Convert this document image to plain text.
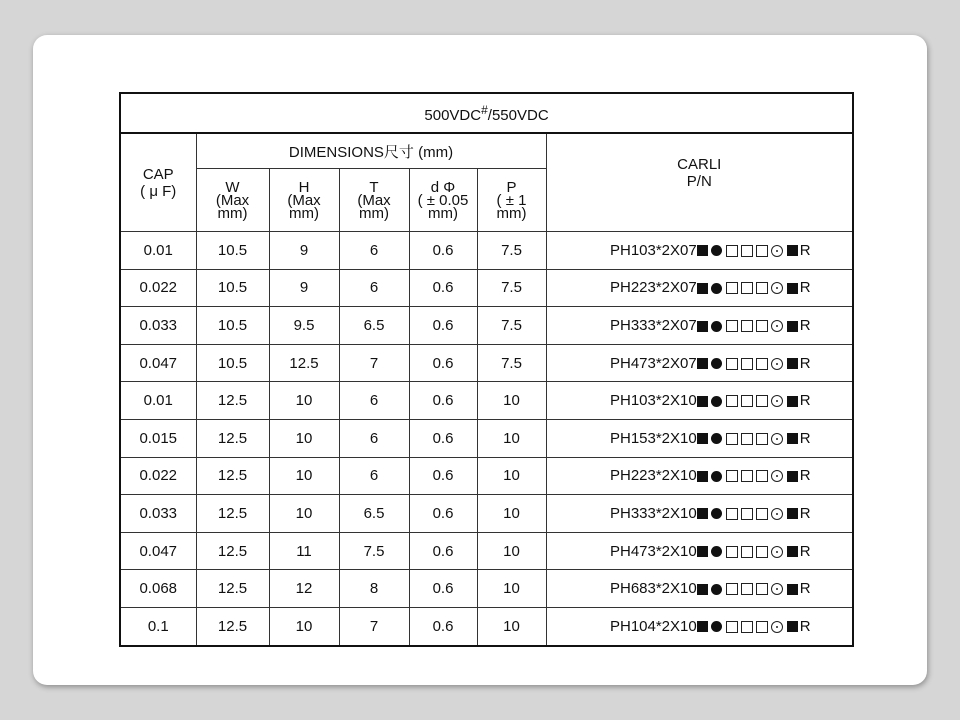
500VDC#/550VDC						

CAP
( μ F)	DIMENSIONS尺寸 (mm)					CARLI
P/N

	W
(Max
mm)	H
(Max
mm)	T
(Max
mm)	d Φ
( ± 0.05
mm)	P
( ± 1
mm)	

0.01	10.5	9	6	0.6	7.5	PH103*2X07 R
0.022	10.5	9	6	0.6	7.5	PH223*2X07 R
0.033	10.5	9.5	6.5	0.6	7.5	PH333*2X07 R
0.047	10.5	12.5	7	0.6	7.5	PH473*2X07 R
0.01	12.5	10	6	0.6	10	PH103*2X10 R
0.015	12.5	10	6	0.6	10	PH153*2X10 R
0.022	12.5	10	6	0.6	10	PH223*2X10 R
0.033	12.5	10	6.5	0.6	10	PH333*2X10 R
0.047	12.5	11	7.5	0.6	10	PH473*2X10 R
0.068	12.5	12	8	0.6	10	PH683*2X10 R
0.1	12.5	10	7	0.6	10	PH104*2X10 R
